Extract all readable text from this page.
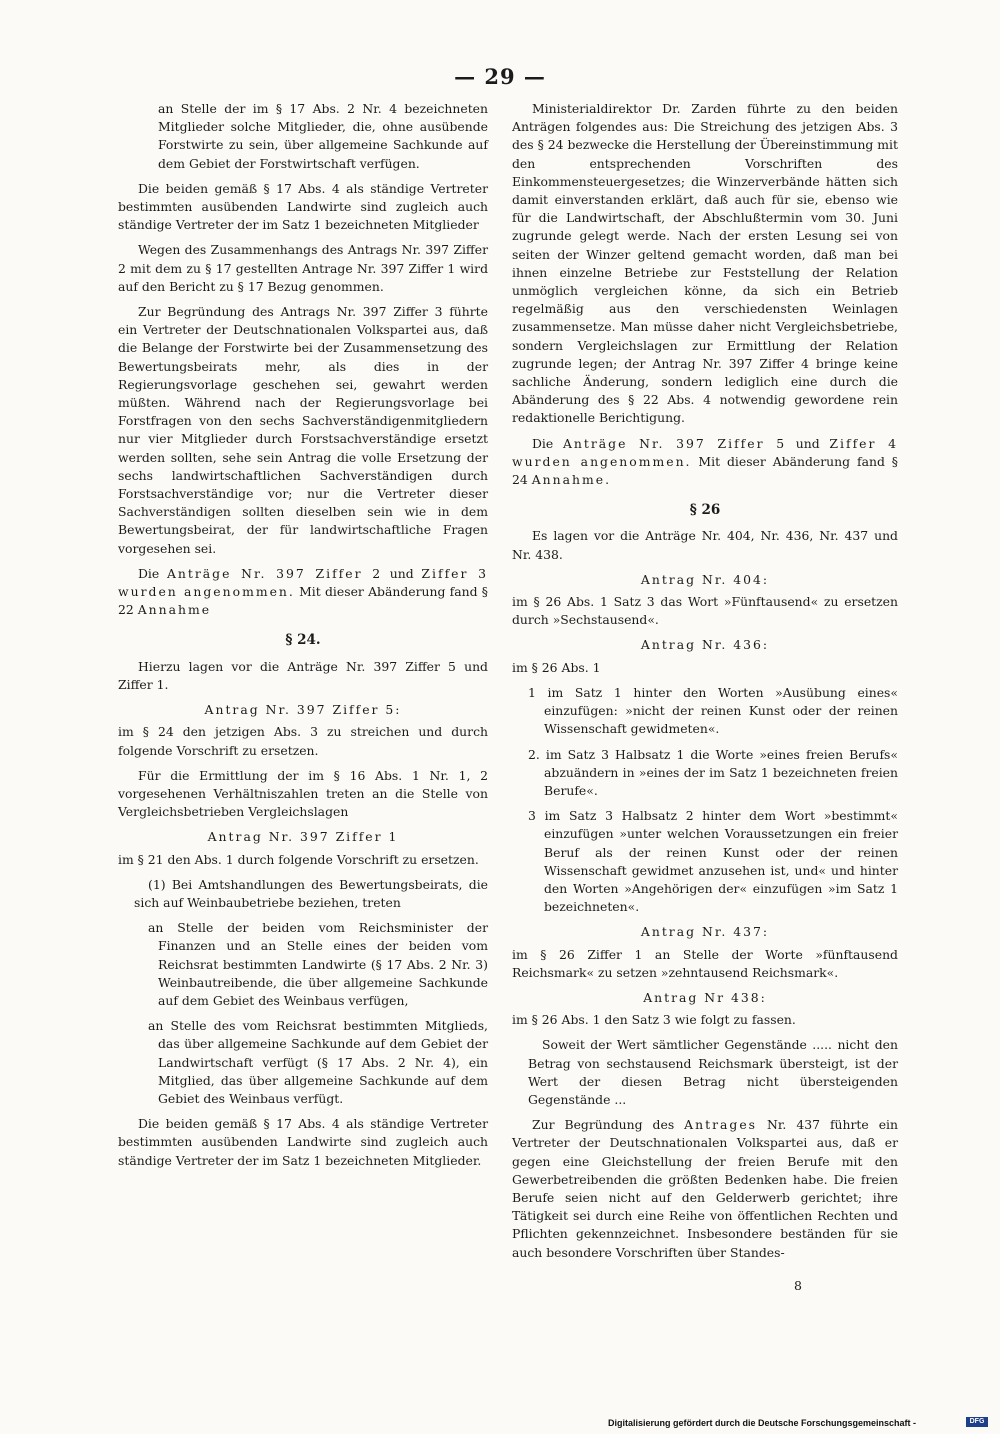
— 29 —

an Stelle der im § 17 Abs. 2 Nr. 4 bezeichneten Mitglieder solche Mitglieder, die, ohne ausübende Forstwirte zu sein, über allgemeine Sachkunde auf dem Gebiet der Forstwirtschaft verfügen.

Die beiden gemäß § 17 Abs. 4 als ständige Vertreter bestimmten ausübenden Landwirte sind zugleich auch ständige Vertreter der im Satz 1 bezeichneten Mitglieder

Wegen des Zusammenhangs des Antrags Nr. 397 Ziffer 2 mit dem zu § 17 gestellten Antrage Nr. 397 Ziffer 1 wird auf den Bericht zu § 17 Bezug genommen.

Zur Begründung des Antrags Nr. 397 Ziffer 3 führte ein Vertreter der Deutschnationalen Volkspartei aus, daß die Belange der Forstwirte bei der Zusammensetzung des Bewertungsbeirats mehr, als dies in der Regierungsvorlage geschehen sei, gewahrt werden müßten. Während nach der Regierungsvorlage bei Forstfragen von den sechs Sachverständigenmitgliedern nur vier Mitglieder durch Forstsachverständige ersetzt werden sollten, sehe sein Antrag die volle Ersetzung der sechs landwirtschaftlichen Sachverständigen durch Forstsachverständige vor; nur die Vertreter dieser Sachverständigen sollten dieselben sein wie in dem Bewertungsbeirat, der für landwirtschaftliche Fragen vorgesehen sei.

Die Anträge Nr. 397 Ziffer 2 und Ziffer 3 wurden angenommen. Mit dieser Abänderung fand § 22 Annahme

§ 24.

Hierzu lagen vor die Anträge Nr. 397 Ziffer 5 und Ziffer 1.

Antrag Nr. 397 Ziffer 5:

im § 24 den jetzigen Abs. 3 zu streichen und durch folgende Vorschrift zu ersetzen.

Für die Ermittlung der im § 16 Abs. 1 Nr. 1, 2 vorgesehenen Verhältniszahlen treten an die Stelle von Vergleichsbetrieben Vergleichslagen

Antrag Nr. 397 Ziffer 1

im § 21 den Abs. 1 durch folgende Vorschrift zu ersetzen.

(1) Bei Amtshandlungen des Bewertungsbeirats, die sich auf Weinbaubetriebe beziehen, treten

an Stelle der beiden vom Reichsminister der Finanzen und an Stelle eines der beiden vom Reichsrat bestimmten Landwirte (§ 17 Abs. 2 Nr. 3) Weinbautreibende, die über allgemeine Sachkunde auf dem Gebiet des Weinbaus verfügen,

an Stelle des vom Reichsrat bestimmten Mitglieds, das über allgemeine Sachkunde auf dem Gebiet der Landwirtschaft verfügt (§ 17 Abs. 2 Nr. 4), ein Mitglied, das über allgemeine Sachkunde auf dem Gebiet des Weinbaus verfügt.

Die beiden gemäß § 17 Abs. 4 als ständige Vertreter bestimmten ausübenden Landwirte sind zugleich auch ständige Vertreter der im Satz 1 bezeichneten Mitglieder.

Ministerialdirektor Dr. Zarden führte zu den beiden Anträgen folgendes aus: Die Streichung des jetzigen Abs. 3 des § 24 bezwecke die Herstellung der Übereinstimmung mit den entsprechenden Vorschriften des Einkommensteuergesetzes; die Winzerverbände hätten sich damit einverstanden erklärt, daß auch für sie, ebenso wie für die Landwirtschaft, der Abschlußtermin vom 30. Juni zugrunde gelegt werde. Nach der ersten Lesung sei von seiten der Winzer geltend gemacht worden, daß man bei ihnen einzelne Betriebe zur Feststellung der Relation unmöglich vergleichen könne, da sich ein Betrieb regelmäßig aus den verschiedensten Weinlagen zusammensetze. Man müsse daher nicht Vergleichsbetriebe, sondern Vergleichslagen zur Ermittlung der Relation zugrunde legen; der Antrag Nr. 397 Ziffer 4 bringe keine sachliche Änderung, sondern lediglich eine durch die Abänderung des § 22 Abs. 4 notwendig gewordene rein redaktionelle Berichtigung.

Die Anträge Nr. 397 Ziffer 5 und Ziffer 4 wurden angenommen. Mit dieser Abänderung fand § 24 Annahme.

§ 26

Es lagen vor die Anträge Nr. 404, Nr. 436, Nr. 437 und Nr. 438.

Antrag Nr. 404:

im § 26 Abs. 1 Satz 3 das Wort »Fünftausend« zu ersetzen durch »Sechstausend«.

Antrag Nr. 436:

im § 26 Abs. 1

1 im Satz 1 hinter den Worten »Ausübung eines« einzufügen: »nicht der reinen Kunst oder der reinen Wissenschaft gewidmeten«.

2. im Satz 3 Halbsatz 1 die Worte »eines freien Berufs« abzuändern in »eines der im Satz 1 bezeichneten freien Berufe«.

3 im Satz 3 Halbsatz 2 hinter dem Wort »bestimmt« einzufügen »unter welchen Voraussetzungen ein freier Beruf als der reinen Kunst oder der reinen Wissenschaft gewidmet anzusehen ist, und« und hinter den Worten »Angehörigen der« einzufügen »im Satz 1 bezeichneten«.

Antrag Nr. 437:

im § 26 Ziffer 1 an Stelle der Worte »fünftausend Reichsmark« zu setzen »zehntausend Reichsmark«.

Antrag Nr 438:

im § 26 Abs. 1 den Satz 3 wie folgt zu fassen.

Soweit der Wert sämtlicher Gegenstände ..... nicht den Betrag von sechstausend Reichsmark übersteigt, ist der Wert der diesen Betrag nicht übersteigenden Gegenstände ...

Zur Begründung des Antrages Nr. 437 führte ein Vertreter der Deutschnationalen Volkspartei aus, daß er gegen eine Gleichstellung der freien Berufe mit den Gewerbetreibenden die größten Bedenken habe. Die freien Berufe seien nicht auf den Gelderwerb gerichtet; ihre Tätigkeit sei durch eine Reihe von öffentlichen Rechten und Pflichten gekennzeichnet. Insbesondere beständen für sie auch besondere Vorschriften über Standes-

8
Digitalisierung gefördert durch die Deutsche Forschungsgemeinschaft -	DFG
